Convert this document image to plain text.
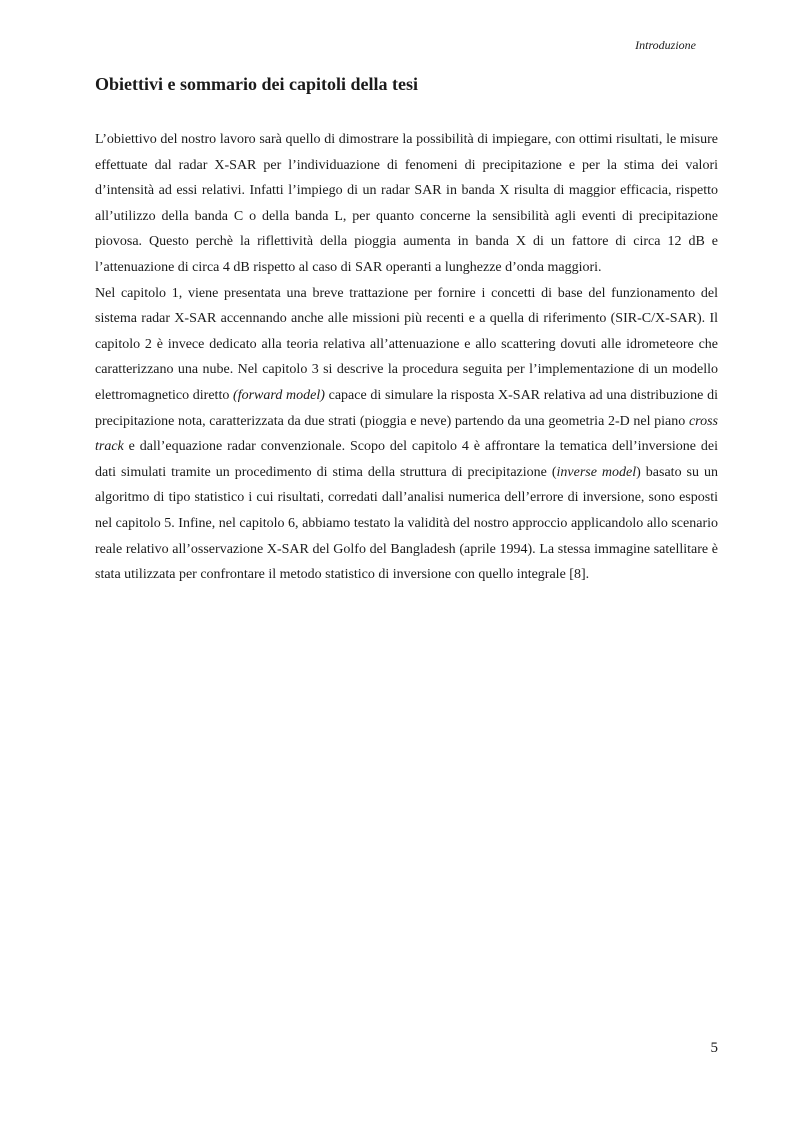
Introduzione

Obiettivi e sommario dei capitoli della tesi

L’obiettivo del nostro lavoro sarà quello di dimostrare la possibilità di impiegare, con ottimi risultati, le misure effettuate dal radar X-SAR per l’individuazione di fenomeni di precipitazione e per la stima dei valori d’intensità ad essi relativi. Infatti l’impiego di un radar SAR in banda X risulta di maggior efficacia, rispetto all’utilizzo della banda C o della banda L, per quanto concerne la sensibilità agli eventi di precipitazione piovosa. Questo perchè la riflettività della pioggia aumenta in banda X di un fattore di circa 12 dB e l’attenuazione di circa 4 dB rispetto al caso di SAR operanti a lunghezze d’onda maggiori.

Nel capitolo 1, viene presentata una breve trattazione per fornire i concetti di base del funzionamento del sistema radar X-SAR accennando anche alle missioni più recenti e a quella di riferimento (SIR-C/X-SAR). Il capitolo 2 è invece dedicato alla teoria relativa all’attenuazione e allo scattering dovuti alle idrometeore che caratterizzano una nube. Nel capitolo 3 si descrive la procedura seguita per l’implementazione di un modello elettromagnetico diretto (forward model) capace di simulare la risposta X-SAR relativa ad una distribuzione di precipitazione nota, caratterizzata da due strati (pioggia e neve) partendo da una geometria 2-D nel piano cross track e dall’equazione radar convenzionale. Scopo del capitolo 4 è affrontare la tematica dell’inversione dei dati simulati tramite un procedimento di stima della struttura di precipitazione (inverse model) basato su un algoritmo di tipo statistico i cui risultati, corredati dall’analisi numerica dell’errore di inversione, sono esposti nel capitolo 5. Infine, nel capitolo 6, abbiamo testato la validità del nostro approccio applicandolo allo scenario reale relativo all’osservazione X-SAR del Golfo del Bangladesh (aprile 1994). La stessa immagine satellitare è stata utilizzata per confrontare il metodo statistico di inversione con quello integrale [8].

5
